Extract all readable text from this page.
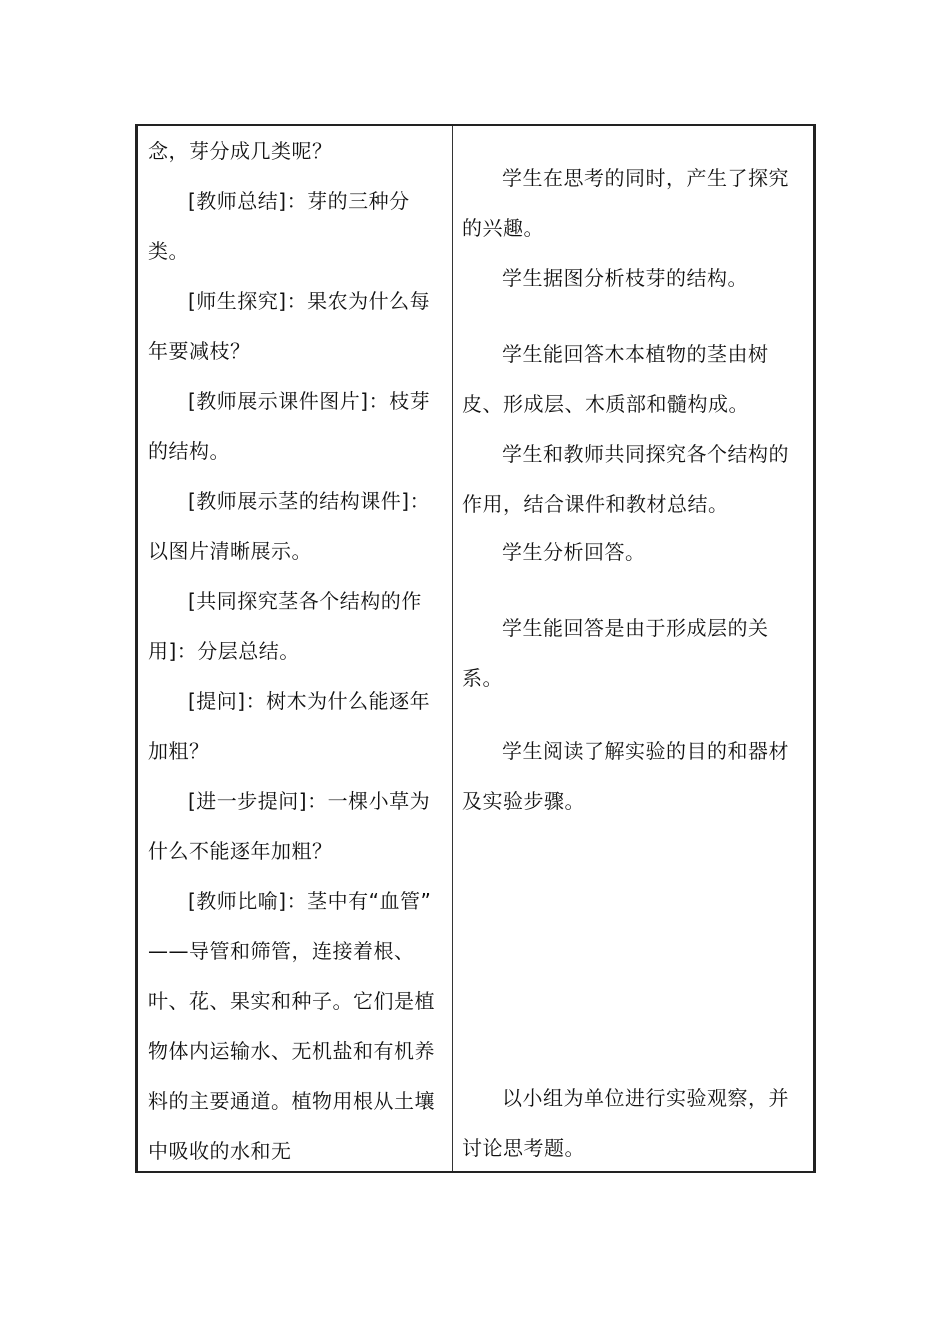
念，芽分成几类呢？

[教师总结]：芽的三种分类。

[师生探究]：果农为什么每年要减枝？

[教师展示课件图片]：枝芽的结构。

[教师展示茎的结构课件]：以图片清晰展示。

[共同探究茎各个结构的作用]：分层总结。

[提问]：树木为什么能逐年加粗？

[进一步提问]：一棵小草为什么不能逐年加粗？

[教师比喻]：茎中有“血管” ——导管和筛管，连接着根、叶、花、果实和种子。它们是植物体内运输水、无机盐和有机养料的主要通道。植物用根从土壤中吸收的水和无

学生在思考的同时，产生了探究的兴趣。

学生据图分析枝芽的结构。

学生能回答木本植物的茎由树皮、形成层、木质部和髓构成。

学生和教师共同探究各个结构的作用，结合课件和教材总结。

学生分析回答。

学生能回答是由于形成层的关系。

学生阅读了解实验的目的和器材及实验步骤。

以小组为单位进行实验观察，并讨论思考题。
